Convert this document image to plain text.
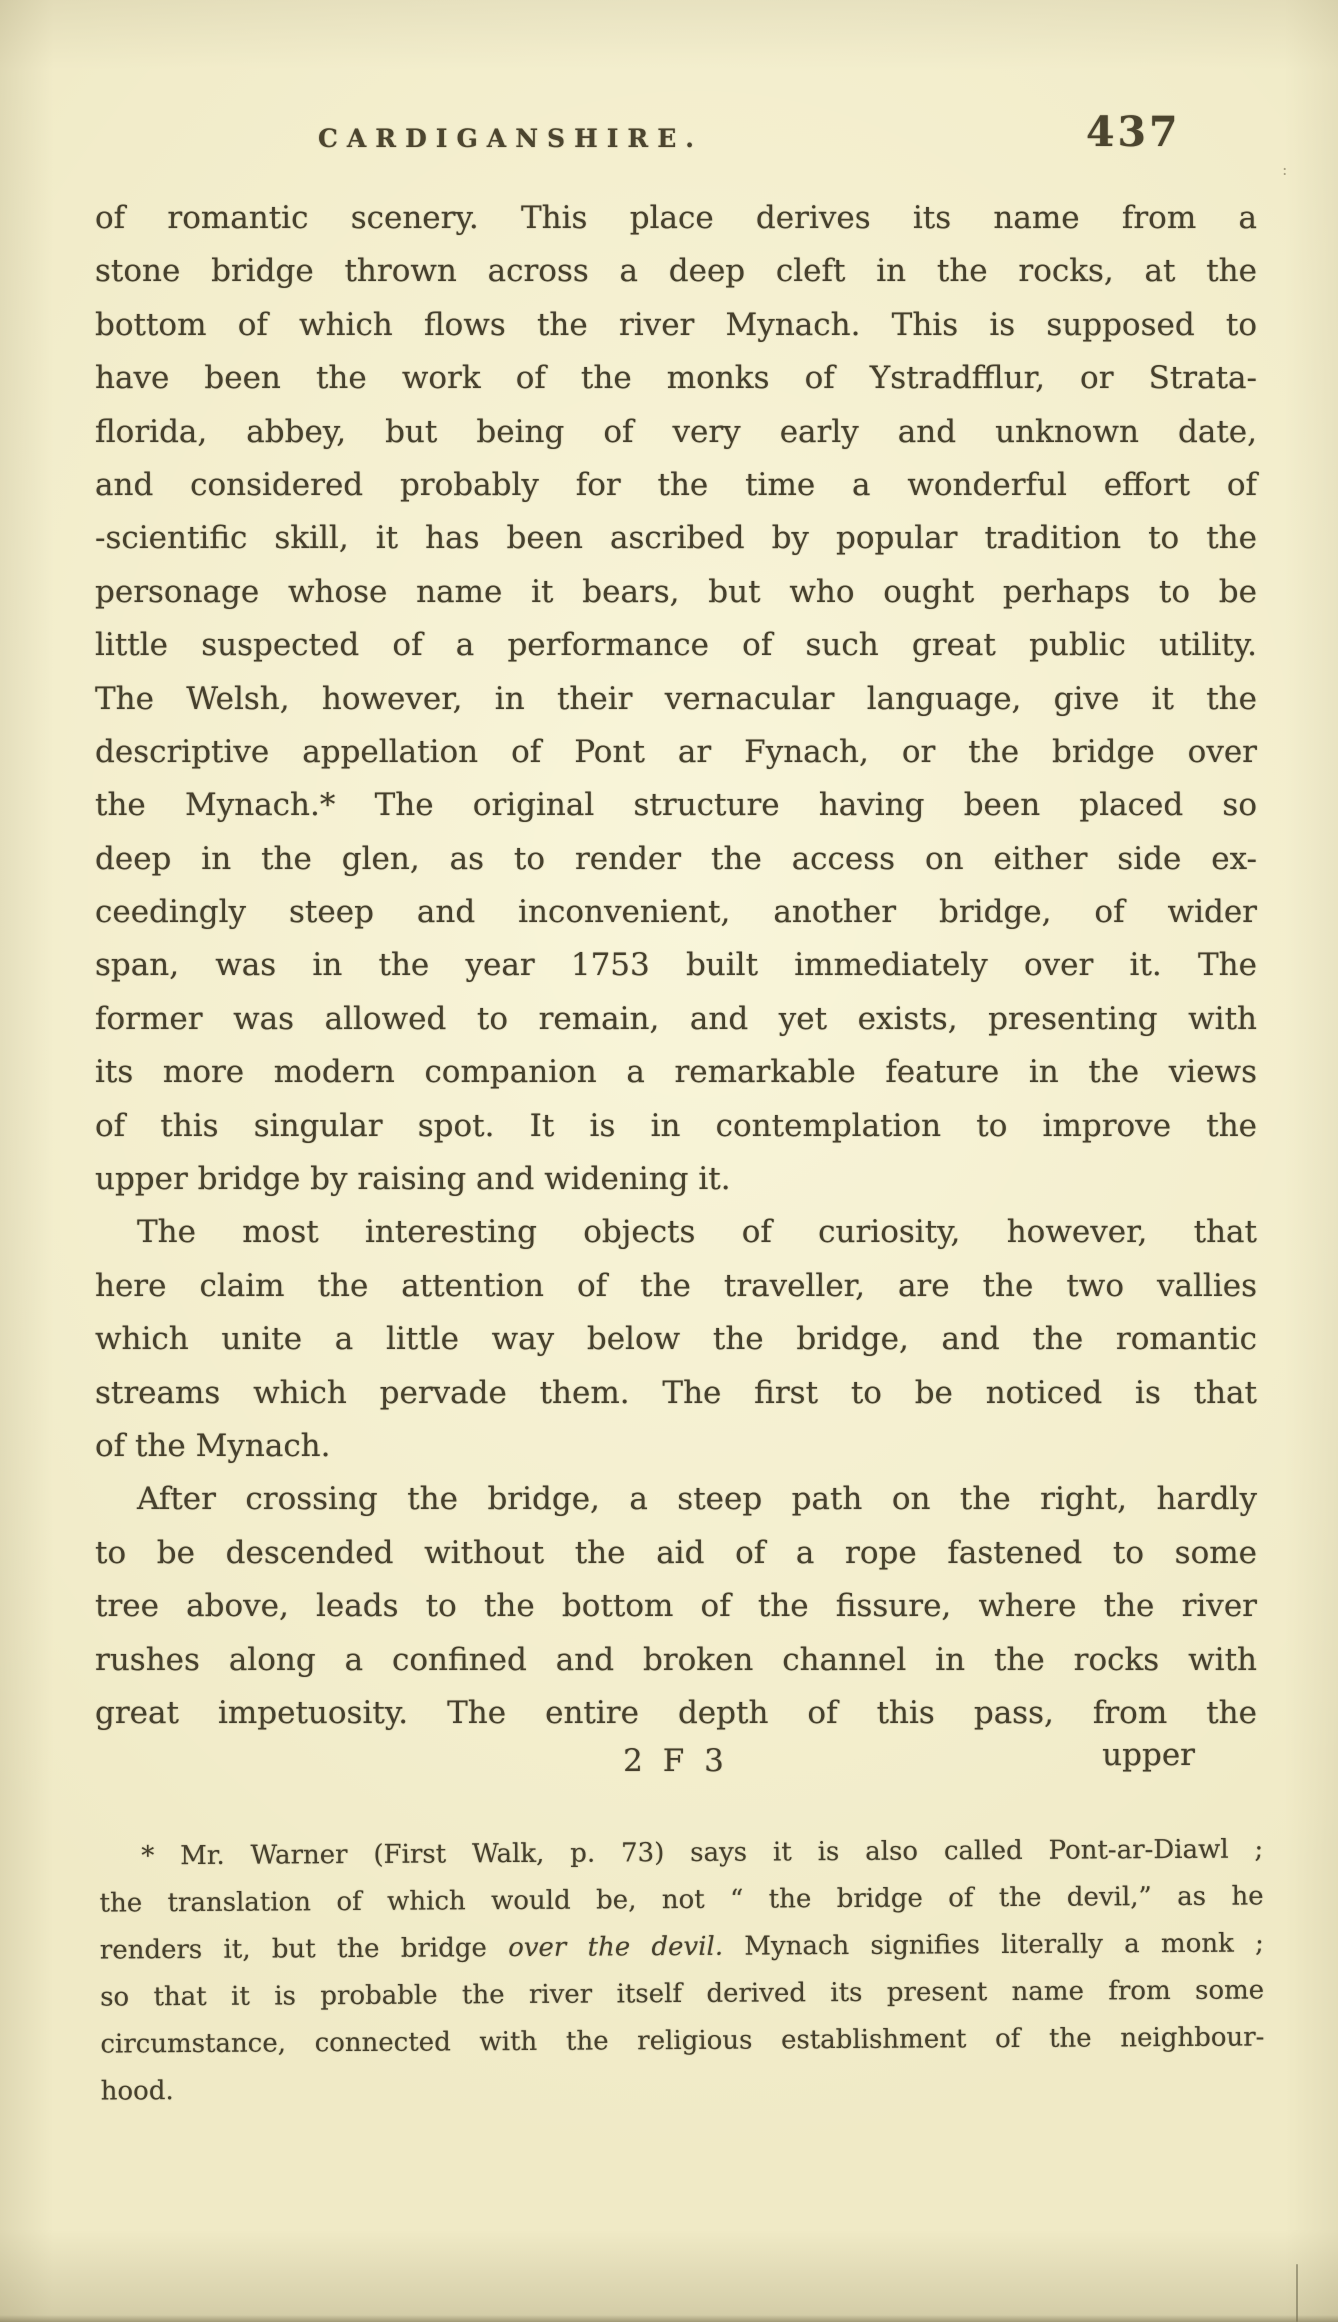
CARDIGANSHIRE.	437
of romantic scenery. This place derives its name from a
stone bridge thrown across a deep cleft in the rocks, at the
bottom of which flows the river Mynach. This is supposed to
have been the work of the monks of Ystradfflur, or Strata-
florida, abbey, but being of very early and unknown date,
and considered probably for the time a wonderful effort of
-scientific skill, it has been ascribed by popular tradition to the
personage whose name it bears, but who ought perhaps to be
little suspected of a performance of such great public utility.
The Welsh, however, in their vernacular language, give it the
descriptive appellation of Pont ar Fynach, or the bridge over
the Mynach.* The original structure having been placed so
deep in the glen, as to render the access on either side ex-
ceedingly steep and inconvenient, another bridge, of wider
span, was in the year 1753 built immediately over it. The
former was allowed to remain, and yet exists, presenting with
its more modern companion a remarkable feature in the views
of this singular spot. It is in contemplation to improve the
upper bridge by raising and widening it.
The most interesting objects of curiosity, however, that
here claim the attention of the traveller, are the two vallies
which unite a little way below the bridge, and the romantic
streams which pervade them. The first to be noticed is that
of the Mynach.
After crossing the bridge, a steep path on the right, hardly
to be descended without the aid of a rope fastened to some
tree above, leads to the bottom of the fissure, where the river
rushes along a confined and broken channel in the rocks with
great impetuosity. The entire depth of this pass, from the
2 F 3	upper
* Mr. Warner (First Walk, p. 73) says it is also called Pont-ar-Diawl ;
the translation of which would be, not “ the bridge of the devil,” as he
renders it, but the bridge over the devil. Mynach signifies literally a monk ;
so that it is probable the river itself derived its present name from some
circumstance, connected with the religious establishment of the neighbour-
hood.
:
